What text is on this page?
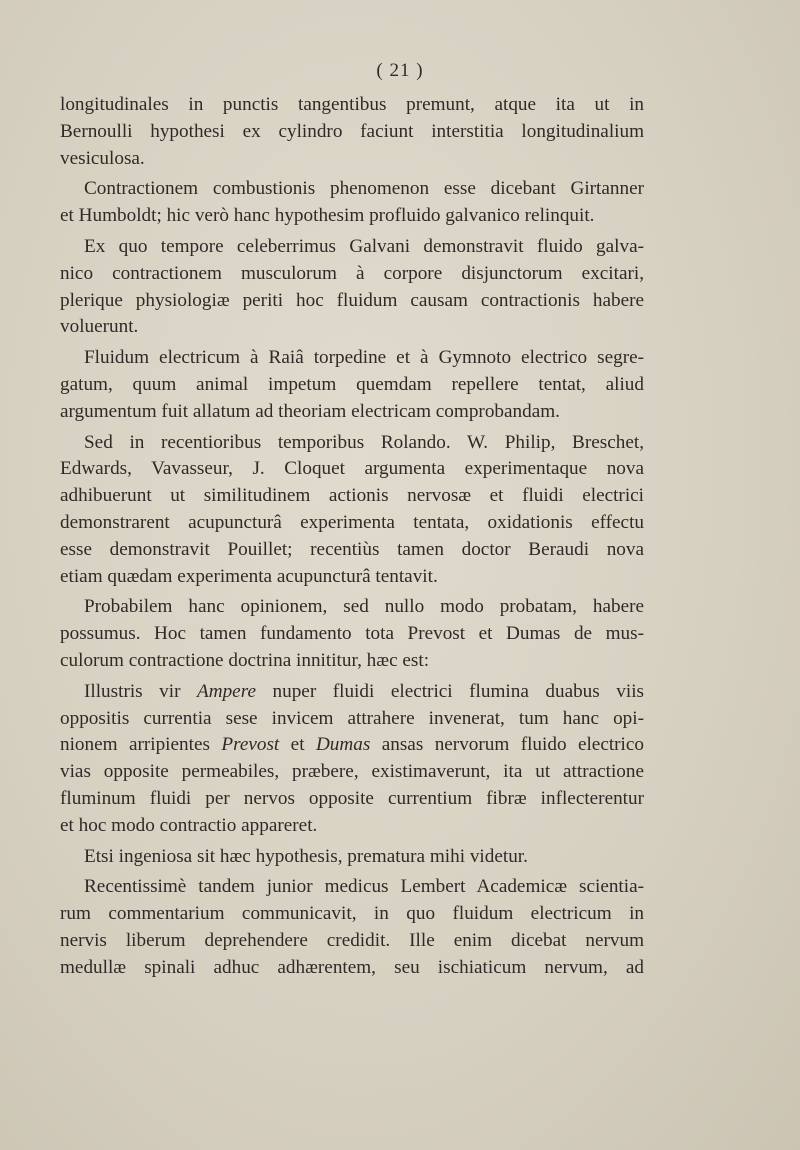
( 21 )
longitudinales in punctis tangentibus premunt, atque ita ut in
Bernoulli hypothesi ex cylindro faciunt interstitia longitudinalium
vesiculosa.
Contractionem combustionis phenomenon esse dicebant Girtanner
et Humboldt; hic verò hanc hypothesim profluido galvanico relinquit.
Ex quo tempore celeberrimus Galvani demonstravit fluido galva-
nico contractionem musculorum à corpore disjunctorum excitari,
plerique physiologiæ periti hoc fluidum causam contractionis habere
voluerunt.
Fluidum electricum à Raiâ torpedine et à Gymnoto electrico segre-
gatum, quum animal impetum quemdam repellere tentat, aliud
argumentum fuit allatum ad theoriam electricam comprobandam.
Sed in recentioribus temporibus Rolando. W. Philip, Breschet,
Edwards, Vavasseur, J. Cloquet argumenta experimentaque nova
adhibuerunt ut similitudinem actionis nervosæ et fluidi electrici
demonstrarent acupuncturâ experimenta tentata, oxidationis effectu
esse demonstravit Pouillet; recentiùs tamen doctor Beraudi nova
etiam quædam experimenta acupuncturâ tentavit.
Probabilem hanc opinionem, sed nullo modo probatam, habere
possumus. Hoc tamen fundamento tota Prevost et Dumas de mus-
culorum contractione doctrina innititur, hæc est:
Illustris vir Ampere nuper fluidi electrici flumina duabus viis
oppositis currentia sese invicem attrahere invenerat, tum hanc opi-
nionem arripientes Prevost et Dumas ansas nervorum fluido electrico
vias opposite permeabiles, præbere, existimaverunt, ita ut attractione
fluminum fluidi per nervos opposite currentium fibræ inflecterentur
et hoc modo contractio appareret.
Etsi ingeniosa sit hæc hypothesis, prematura mihi videtur.
Recentissimè tandem junior medicus Lembert Academicæ scientia-
rum commentarium communicavit, in quo fluidum electricum in
nervis liberum deprehendere credidit. Ille enim dicebat nervum
medullæ spinali adhuc adhærentem, seu ischiaticum nervum, ad
